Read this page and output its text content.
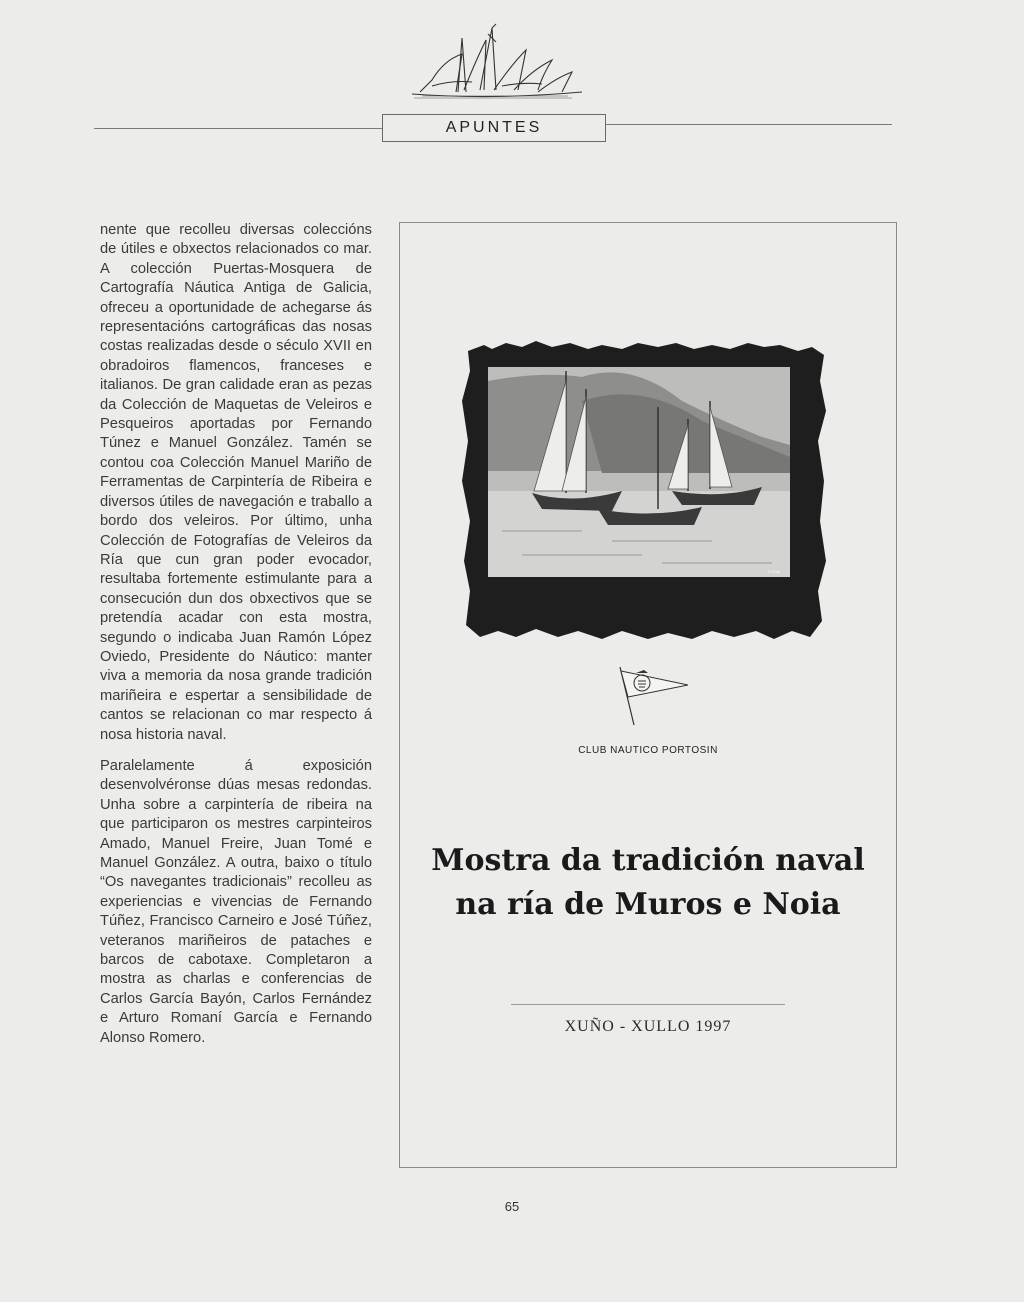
APUNTES

nente que recolleu diversas coleccións de útiles e obxectos relacionados co mar. A colección Puertas-Mosquera de Cartografía Náutica Antiga de Galicia, ofreceu a oportunidade de achegarse ás representacións cartográficas das nosas costas realizadas desde o século XVII en obradoiros flamencos, franceses e italianos. De gran calidade eran as pezas da Colección de Maquetas de Veleiros e Pesqueiros aportadas por Fernando Túnez e Manuel González. Tamén se contou coa Colección Manuel Mariño de Ferramentas de Carpintería de Ribeira e diversos útiles de navegación e traballo a bordo dos veleiros. Por último, unha Colección de Fotografías de Veleiros da Ría que cun gran poder evocador, resultaba fortemente estimulante para a consecución dun dos obxectivos que se pretendía acadar con esta mostra, segundo o indicaba Juan Ramón López Oviedo, Presidente do Náutico: manter viva a memoria da nosa grande tradición mariñeira e espertar a sensibilidade de cantos se relacionan co mar respecto á nosa historia naval.

Paralelamente á exposición desenvolvéronse dúas mesas redondas. Unha sobre a carpintería de ribeira na que participaron os mestres carpinteiros Amado, Manuel Freire, Juan Tomé e Manuel González. A outra, baixo o título “Os navegantes tradicionais” recolleu as experiencias e vivencias de Fernando Túñez, Francisco Carneiro e José Túñez, veteranos mariñeiros de pataches e barcos de cabotaxe. Completaron a mostra as charlas e conferencias de Carlos García Bayón, Carlos Fernández e Arturo Romaní García e Fernando Alonso Romero.

© Foto
CLUB NAUTICO PORTOSIN
Mostra da tradición naval
na ría de Muros e Noia
XUÑO - XULLO 1997
65
